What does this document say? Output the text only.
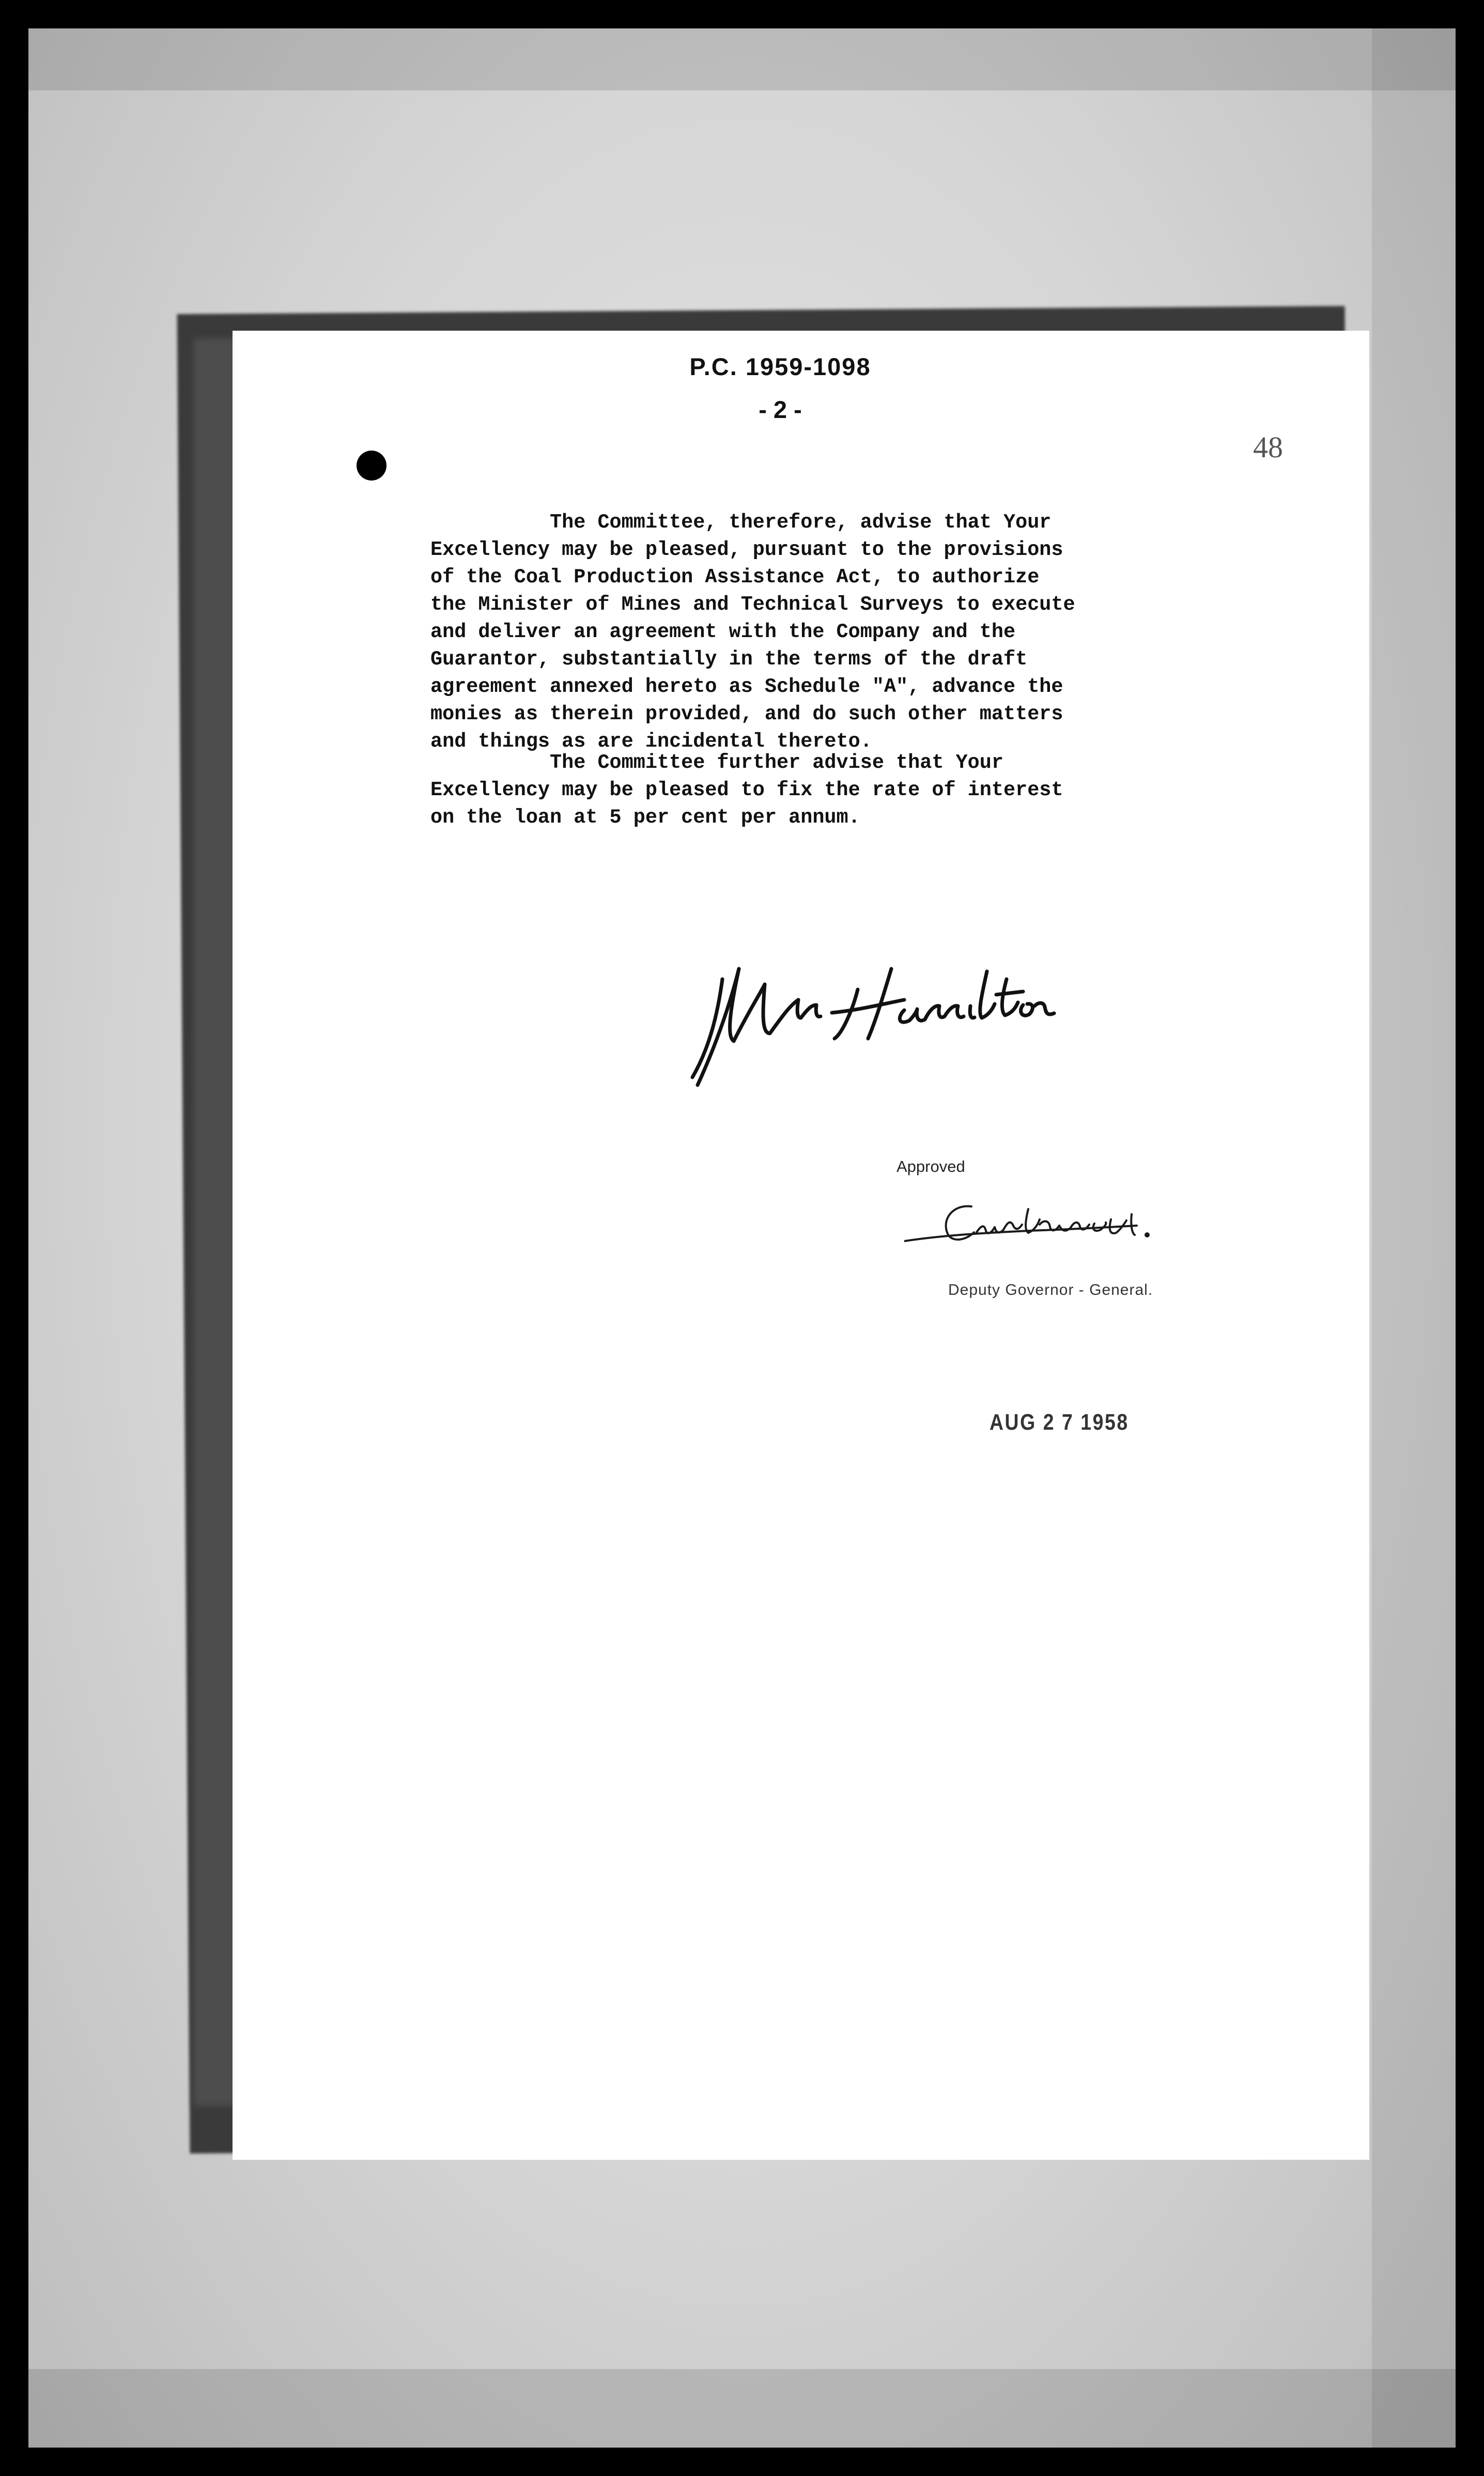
P.C. 1959-1098
- 2 -
48
The Committee, therefore, advise that Your
Excellency may be pleased, pursuant to the provisions
of the Coal Production Assistance Act, to authorize
the Minister of Mines and Technical Surveys to execute
and deliver an agreement with the Company and the
Guarantor, substantially in the terms of the draft
agreement annexed hereto as Schedule "A", advance the
monies as therein provided, and do such other matters
and things as are incidental thereto.
The Committee further advise that Your
Excellency may be pleased to fix the rate of interest
on the loan at 5 per cent per annum.
Wm Hamilton
Approved
Cuvrtaudrey
Deputy Governor - General.
AUG 2 7 1958
